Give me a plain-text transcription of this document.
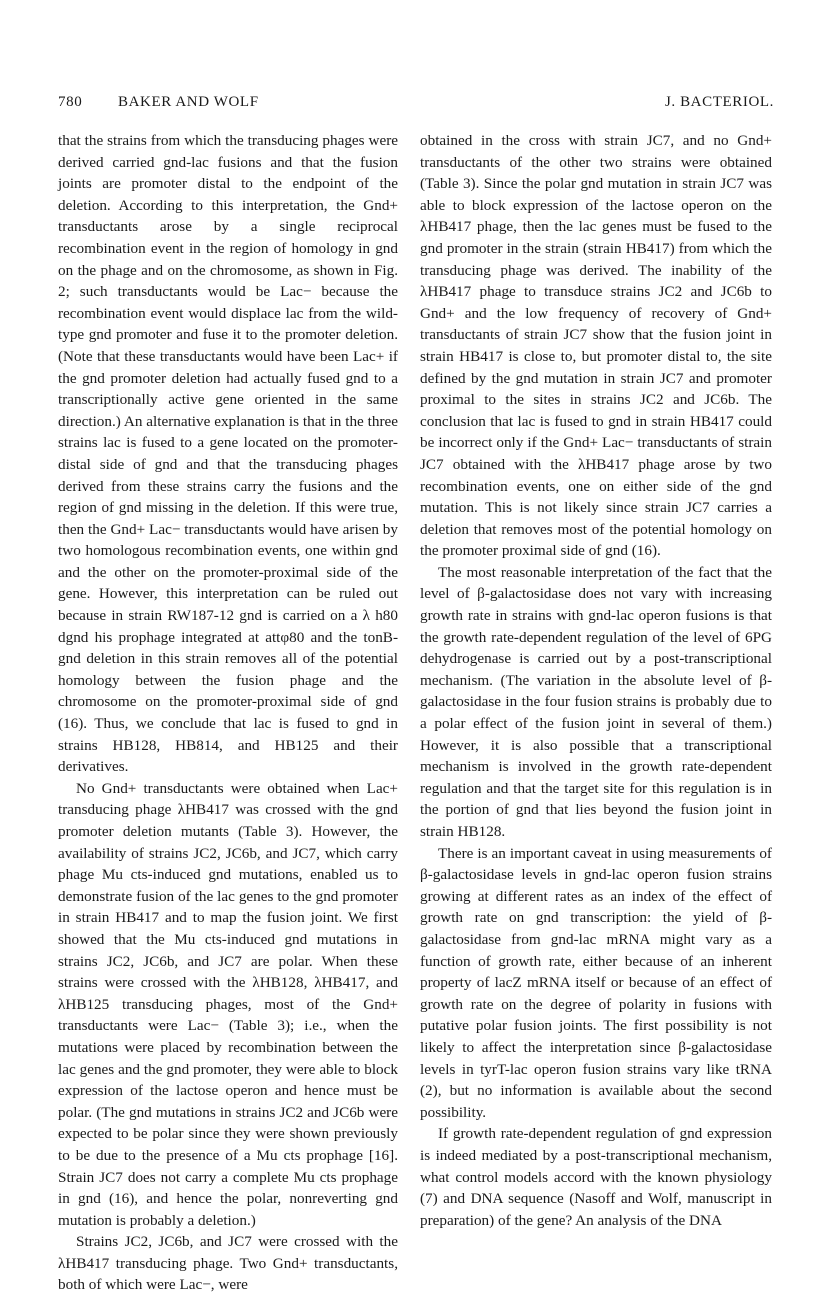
780 BAKER AND WOLF	J. BACTERIOL.

that the strains from which the transducing phages were derived carried gnd-lac fusions and that the fusion joints are promoter distal to the endpoint of the deletion. According to this interpretation, the Gnd+ transductants arose by a single reciprocal recombination event in the region of homology in gnd on the phage and on the chromosome, as shown in Fig. 2; such transductants would be Lac− because the recombination event would displace lac from the wild-type gnd promoter and fuse it to the promoter deletion. (Note that these transductants would have been Lac+ if the gnd promoter deletion had actually fused gnd to a transcriptionally active gene oriented in the same direction.) An alternative explanation is that in the three strains lac is fused to a gene located on the promoter-distal side of gnd and that the transducing phages derived from these strains carry the fusions and the region of gnd missing in the deletion. If this were true, then the Gnd+ Lac− transductants would have arisen by two homologous recombination events, one within gnd and the other on the promoter-proximal side of the gene. However, this interpretation can be ruled out because in strain RW187-12 gnd is carried on a λ h80 dgnd his prophage integrated at attφ80 and the tonB-gnd deletion in this strain removes all of the potential homology between the fusion phage and the chromosome on the promoter-proximal side of gnd (16). Thus, we conclude that lac is fused to gnd in strains HB128, HB814, and HB125 and their derivatives.

No Gnd+ transductants were obtained when Lac+ transducing phage λHB417 was crossed with the gnd promoter deletion mutants (Table 3). However, the availability of strains JC2, JC6b, and JC7, which carry phage Mu cts-induced gnd mutations, enabled us to demonstrate fusion of the lac genes to the gnd promoter in strain HB417 and to map the fusion joint. We first showed that the Mu cts-induced gnd mutations in strains JC2, JC6b, and JC7 are polar. When these strains were crossed with the λHB128, λHB417, and λHB125 transducing phages, most of the Gnd+ transductants were Lac− (Table 3); i.e., when the mutations were placed by recombination between the lac genes and the gnd promoter, they were able to block expression of the lactose operon and hence must be polar. (The gnd mutations in strains JC2 and JC6b were expected to be polar since they were shown previously to be due to the presence of a Mu cts prophage [16]. Strain JC7 does not carry a complete Mu cts prophage in gnd (16), and hence the polar, nonreverting gnd mutation is probably a deletion.)

Strains JC2, JC6b, and JC7 were crossed with the λHB417 transducing phage. Two Gnd+ transductants, both of which were Lac−, were

obtained in the cross with strain JC7, and no Gnd+ transductants of the other two strains were obtained (Table 3). Since the polar gnd mutation in strain JC7 was able to block expression of the lactose operon on the λHB417 phage, then the lac genes must be fused to the gnd promoter in the strain (strain HB417) from which the transducing phage was derived. The inability of the λHB417 phage to transduce strains JC2 and JC6b to Gnd+ and the low frequency of recovery of Gnd+ transductants of strain JC7 show that the fusion joint in strain HB417 is close to, but promoter distal to, the site defined by the gnd mutation in strain JC7 and promoter proximal to the sites in strains JC2 and JC6b. The conclusion that lac is fused to gnd in strain HB417 could be incorrect only if the Gnd+ Lac− transductants of strain JC7 obtained with the λHB417 phage arose by two recombination events, one on either side of the gnd mutation. This is not likely since strain JC7 carries a deletion that removes most of the potential homology on the promoter proximal side of gnd (16).

The most reasonable interpretation of the fact that the level of β-galactosidase does not vary with increasing growth rate in strains with gnd-lac operon fusions is that the growth rate-dependent regulation of the level of 6PG dehydrogenase is carried out by a post-transcriptional mechanism. (The variation in the absolute level of β-galactosidase in the four fusion strains is probably due to a polar effect of the fusion joint in several of them.) However, it is also possible that a transcriptional mechanism is involved in the growth rate-dependent regulation and that the target site for this regulation is in the portion of gnd that lies beyond the fusion joint in strain HB128.

There is an important caveat in using measurements of β-galactosidase levels in gnd-lac operon fusion strains growing at different rates as an index of the effect of growth rate on gnd transcription: the yield of β-galactosidase from gnd-lac mRNA might vary as a function of growth rate, either because of an inherent property of lacZ mRNA itself or because of an effect of growth rate on the degree of polarity in fusions with putative polar fusion joints. The first possibility is not likely to affect the interpretation since β-galactosidase levels in tyrT-lac operon fusion strains vary like tRNA (2), but no information is available about the second possibility.

If growth rate-dependent regulation of gnd expression is indeed mediated by a post-transcriptional mechanism, what control models accord with the known physiology (7) and DNA sequence (Nasoff and Wolf, manuscript in preparation) of the gene? An analysis of the DNA
